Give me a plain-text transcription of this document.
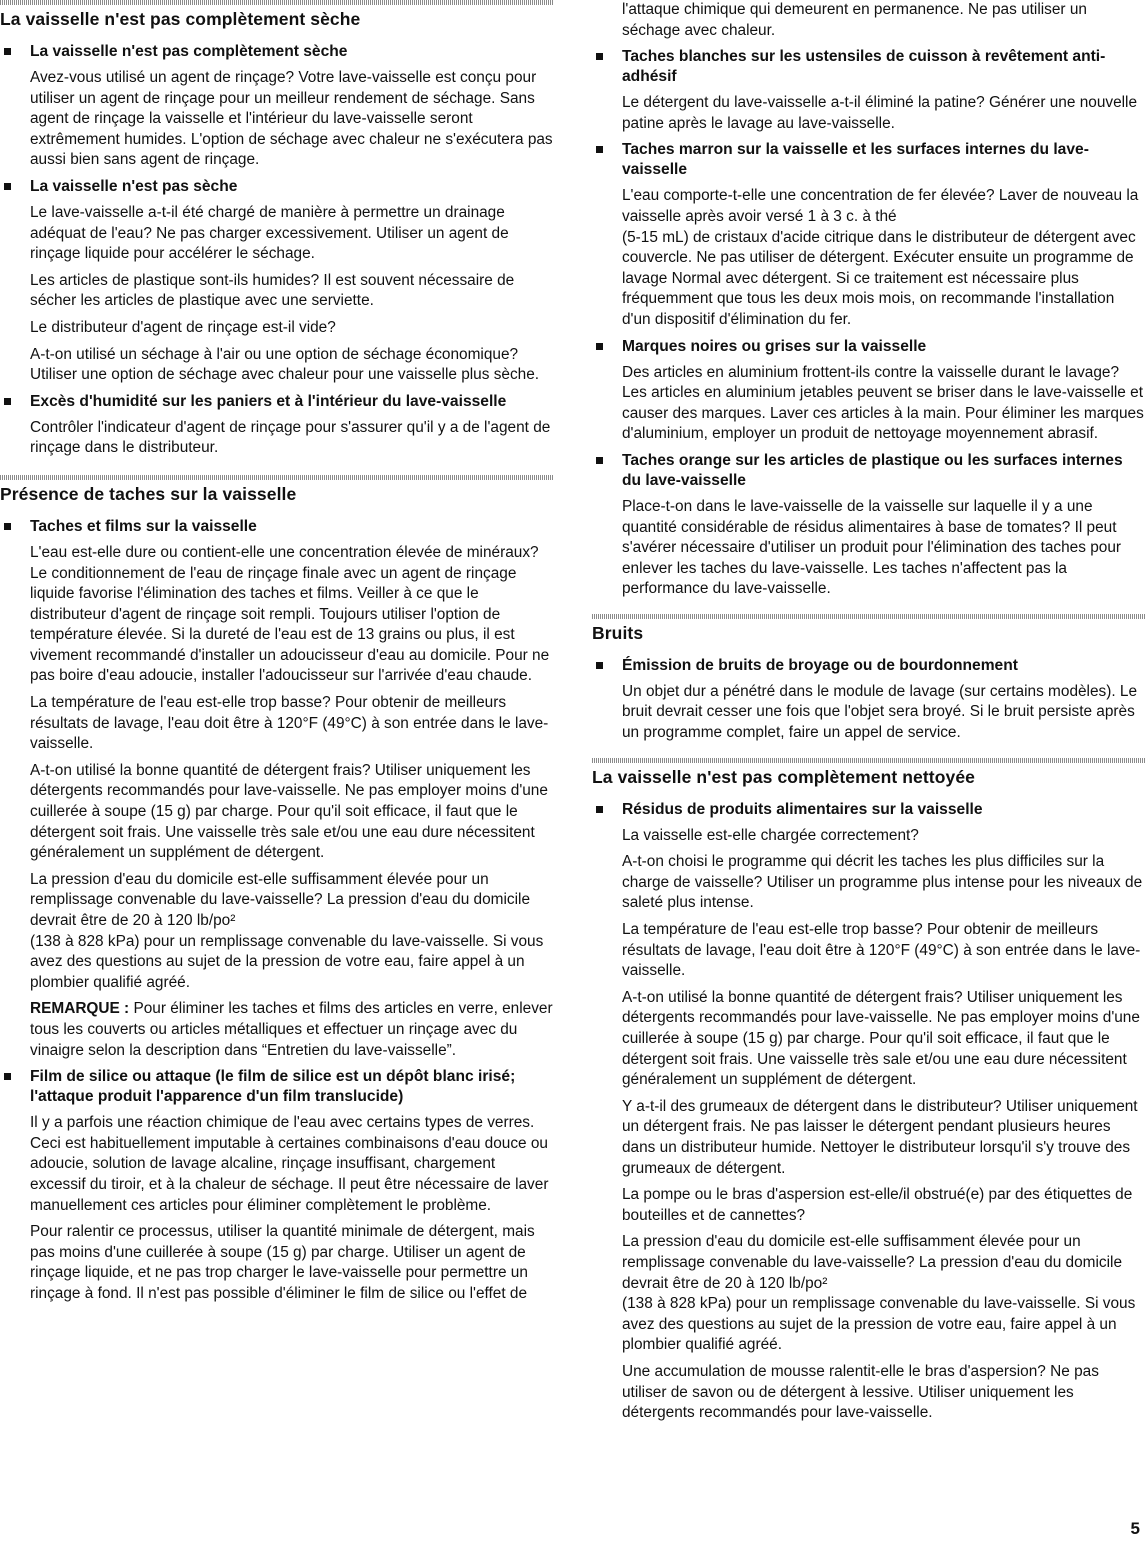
La vaisselle n'est pas complètement sèche
La vaisselle n'est pas complètement sèche

Avez-vous utilisé un agent de rinçage? Votre lave-vaisselle est conçu pour utiliser un agent de rinçage pour un meilleur rendement de séchage. Sans agent de rinçage la vaisselle et l'intérieur du lave-vaisselle seront extrêmement humides. L'option de séchage avec chaleur ne s'exécutera pas aussi bien sans agent de rinçage.

La vaisselle n'est pas sèche

Le lave-vaisselle a-t-il été chargé de manière à permettre un drainage adéquat de l'eau? Ne pas charger excessivement. Utiliser un agent de rinçage liquide pour accélérer le séchage.

Les articles de plastique sont-ils humides? Il est souvent nécessaire de sécher les articles de plastique avec une serviette.

Le distributeur d'agent de rinçage est-il vide?

A-t-on utilisé un séchage à l'air ou une option de séchage économique? Utiliser une option de séchage avec chaleur pour une vaisselle plus sèche.

Excès d'humidité sur les paniers et à l'intérieur du lave-vaisselle

Contrôler l'indicateur d'agent de rinçage pour s'assurer qu'il y a de l'agent de rinçage dans le distributeur.

Présence de taches sur la vaisselle
Taches et films sur la vaisselle

L'eau est-elle dure ou contient-elle une concentration élevée de minéraux? Le conditionnement de l'eau de rinçage finale avec un agent de rinçage liquide favorise l'élimination des taches et films. Veiller à ce que le distributeur d'agent de rinçage soit rempli. Toujours utiliser l'option de température élevée. Si la dureté de l'eau est de 13 grains ou plus, il est vivement recommandé d'installer un adoucisseur d'eau au domicile. Pour ne pas boire d'eau adoucie, installer l'adoucisseur sur l'arrivée d'eau chaude.

La température de l'eau est-elle trop basse? Pour obtenir de meilleurs résultats de lavage, l'eau doit être à 120°F (49°C) à son entrée dans le lave-vaisselle.

A-t-on utilisé la bonne quantité de détergent frais? Utiliser uniquement les détergents recommandés pour lave-vaisselle. Ne pas employer moins d'une cuillerée à soupe (15 g) par charge. Pour qu'il soit efficace, il faut que le détergent soit frais. Une vaisselle très sale et/ou une eau dure nécessitent généralement un supplément de détergent.

La pression d'eau du domicile est-elle suffisamment élevée pour un remplissage convenable du lave-vaisselle? La pression d'eau du domicile devrait être de 20 à 120 lb/po²

(138 à 828 kPa) pour un remplissage convenable du lave-vaisselle. Si vous avez des questions au sujet de la pression de votre eau, faire appel à un plombier qualifié agréé.

REMARQUE : Pour éliminer les taches et films des articles en verre, enlever tous les couverts ou articles métalliques et effectuer un rinçage avec du vinaigre selon la description dans “Entretien du lave-vaisselle”.

Film de silice ou attaque (le film de silice est un dépôt blanc irisé; l'attaque produit l'apparence d'un film translucide)

Il y a parfois une réaction chimique de l'eau avec certains types de verres. Ceci est habituellement imputable à certaines combinaisons d'eau douce ou adoucie, solution de lavage alcaline, rinçage insuffisant, chargement excessif du tiroir, et à la chaleur de séchage. Il peut être nécessaire de laver manuellement ces articles pour éliminer complètement le problème.

Pour ralentir ce processus, utiliser la quantité minimale de détergent, mais pas moins d'une cuillerée à soupe (15 g) par charge. Utiliser un agent de rinçage liquide, et ne pas trop charger le lave-vaisselle pour permettre un rinçage à fond. Il n'est pas possible d'éliminer le film de silice ou l'effet de

l'attaque chimique qui demeurent en permanence. Ne pas utiliser un séchage avec chaleur.

Taches blanches sur les ustensiles de cuisson à revêtement anti-adhésif

Le détergent du lave-vaisselle a-t-il éliminé la patine? Générer une nouvelle patine après le lavage au lave-vaisselle.

Taches marron sur la vaisselle et les surfaces internes du lave-vaisselle

L'eau comporte-t-elle une concentration de fer élevée? Laver de nouveau la vaisselle après avoir versé 1 à 3 c. à thé

(5-15 mL) de cristaux d'acide citrique dans le distributeur de détergent avec couvercle. Ne pas utiliser de détergent. Exécuter ensuite un programme de lavage Normal avec détergent. Si ce traitement est nécessaire plus fréquemment que tous les deux mois mois, on recommande l'installation d'un dispositif d'élimination du fer.

Marques noires ou grises sur la vaisselle

Des articles en aluminium frottent-ils contre la vaisselle durant le lavage? Les articles en aluminium jetables peuvent se briser dans le lave-vaisselle et causer des marques. Laver ces articles à la main. Pour éliminer les marques d'aluminium, employer un produit de nettoyage moyennement abrasif.

Taches orange sur les articles de plastique ou les surfaces internes du lave-vaisselle

Place-t-on dans le lave-vaisselle de la vaisselle sur laquelle il y a une quantité considérable de résidus alimentaires à base de tomates? Il peut s'avérer nécessaire d'utiliser un produit pour l'élimination des taches pour enlever les taches du lave-vaisselle. Les taches n'affectent pas la performance du lave-vaisselle.

Bruits
Émission de bruits de broyage ou de bourdonnement

Un objet dur a pénétré dans le module de lavage (sur certains modèles). Le bruit devrait cesser une fois que l'objet sera broyé. Si le bruit persiste après un programme complet, faire un appel de service.

La vaisselle n'est pas complètement nettoyée
Résidus de produits alimentaires sur la vaisselle

La vaisselle est-elle chargée correctement?

A-t-on choisi le programme qui décrit les taches les plus difficiles sur la charge de vaisselle? Utiliser un programme plus intense pour les niveaux de saleté plus intense.

La température de l'eau est-elle trop basse? Pour obtenir de meilleurs résultats de lavage, l'eau doit être à 120°F (49°C) à son entrée dans le lave-vaisselle.

A-t-on utilisé la bonne quantité de détergent frais? Utiliser uniquement les détergents recommandés pour lave-vaisselle. Ne pas employer moins d'une cuillerée à soupe (15 g) par charge. Pour qu'il soit efficace, il faut que le détergent soit frais. Une vaisselle très sale et/ou une eau dure nécessitent généralement un supplément de détergent.

Y a-t-il des grumeaux de détergent dans le distributeur? Utiliser uniquement un détergent frais. Ne pas laisser le détergent pendant plusieurs heures dans un distributeur humide. Nettoyer le distributeur lorsqu'il s'y trouve des grumeaux de détergent.

La pompe ou le bras d'aspersion est-elle/il obstrué(e) par des étiquettes de bouteilles et de cannettes?

La pression d'eau du domicile est-elle suffisamment élevée pour un remplissage convenable du lave-vaisselle? La pression d'eau du domicile devrait être de 20 à 120 lb/po²

(138 à 828 kPa) pour un remplissage convenable du lave-vaisselle. Si vous avez des questions au sujet de la pression de votre eau, faire appel à un plombier qualifié agréé.

Une accumulation de mousse ralentit-elle le bras d'aspersion? Ne pas utiliser de savon ou de détergent à lessive. Utiliser uniquement les détergents recommandés pour lave-vaisselle.

5
